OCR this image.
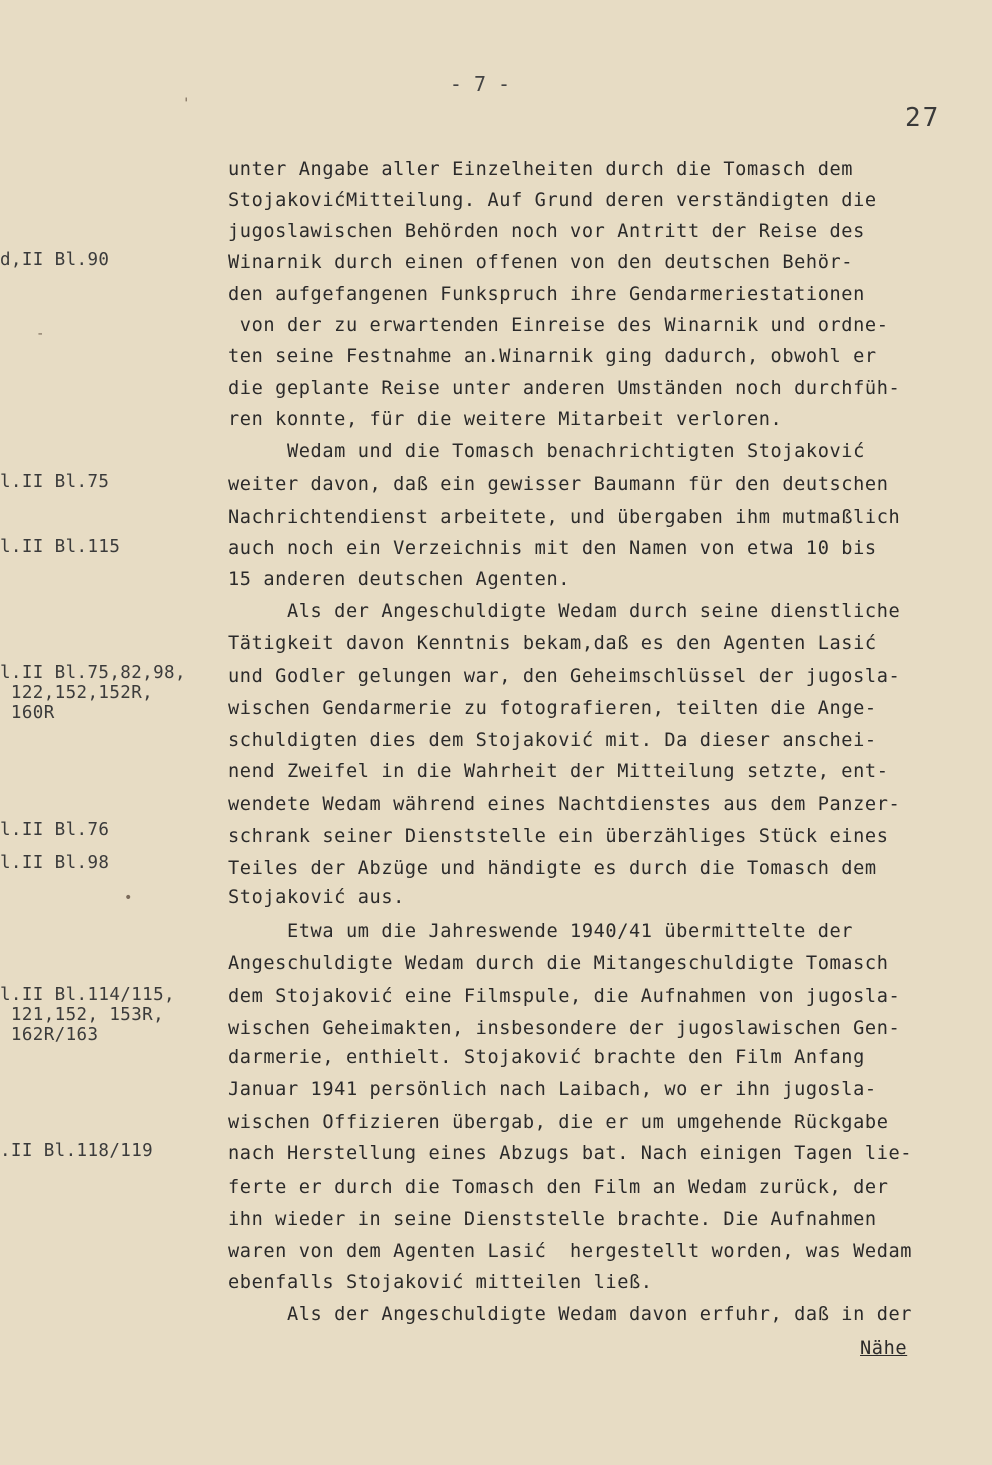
- 7 -
27
unter Angabe aller Einzelheiten durch die Tomasch dem
StojakovićMitteilung. Auf Grund deren verständigten die
jugoslawischen Behörden noch vor Antritt der Reise des
Winarnik durch einen offenen von den deutschen Behör-
den aufgefangenen Funkspruch ihre Gendarmeriestationen
von der zu erwartenden Einreise des Winarnik und ordne-
ten seine Festnahme an.Winarnik ging dadurch, obwohl er
die geplante Reise unter anderen Umständen noch durchfüh-
ren konnte, für die weitere Mitarbeit verloren.
Wedam und die Tomasch benachrichtigten Stojaković
weiter davon, daß ein gewisser Baumann für den deutschen
Nachrichtendienst arbeitete, und übergaben ihm mutmaßlich
auch noch ein Verzeichnis mit den Namen von etwa 10 bis
15 anderen deutschen Agenten.
Als der Angeschuldigte Wedam durch seine dienstliche
Tätigkeit davon Kenntnis bekam,daß es den Agenten Lasić
und Godler gelungen war, den Geheimschlüssel der jugosla-
wischen Gendarmerie zu fotografieren, teilten die Ange-
schuldigten dies dem Stojaković mit. Da dieser anschei-
nend Zweifel in die Wahrheit der Mitteilung setzte, ent-
wendete Wedam während eines Nachtdienstes aus dem Panzer-
schrank seiner Dienststelle ein überzähliges Stück eines
Teiles der Abzüge und händigte es durch die Tomasch dem
Stojaković aus.
Etwa um die Jahreswende 1940/41 übermittelte der
Angeschuldigte Wedam durch die Mitangeschuldigte Tomasch
dem Stojaković eine Filmspule, die Aufnahmen von jugosla-
wischen Geheimakten, insbesondere der jugoslawischen Gen-
darmerie, enthielt. Stojaković brachte den Film Anfang
Januar 1941 persönlich nach Laibach, wo er ihn jugosla-
wischen Offizieren übergab, die er um umgehende Rückgabe
nach Herstellung eines Abzugs bat. Nach einigen Tagen lie-
ferte er durch die Tomasch den Film an Wedam zurück, der
ihn wieder in seine Dienststelle brachte. Die Aufnahmen
waren von dem Agenten Lasić  hergestellt worden, was Wedam
ebenfalls Stojaković mitteilen ließ.
Als der Angeschuldigte Wedam davon erfuhr, daß in der
Nähe
d,II Bl.90
l.II Bl.75
l.II Bl.115
l.II Bl.75,82,98,
122,152,152R,
160R
l.II Bl.76
l.II Bl.98
l.II Bl.114/115,
121,152, 153R,
162R/163
.II Bl.118/119
'
-
•
